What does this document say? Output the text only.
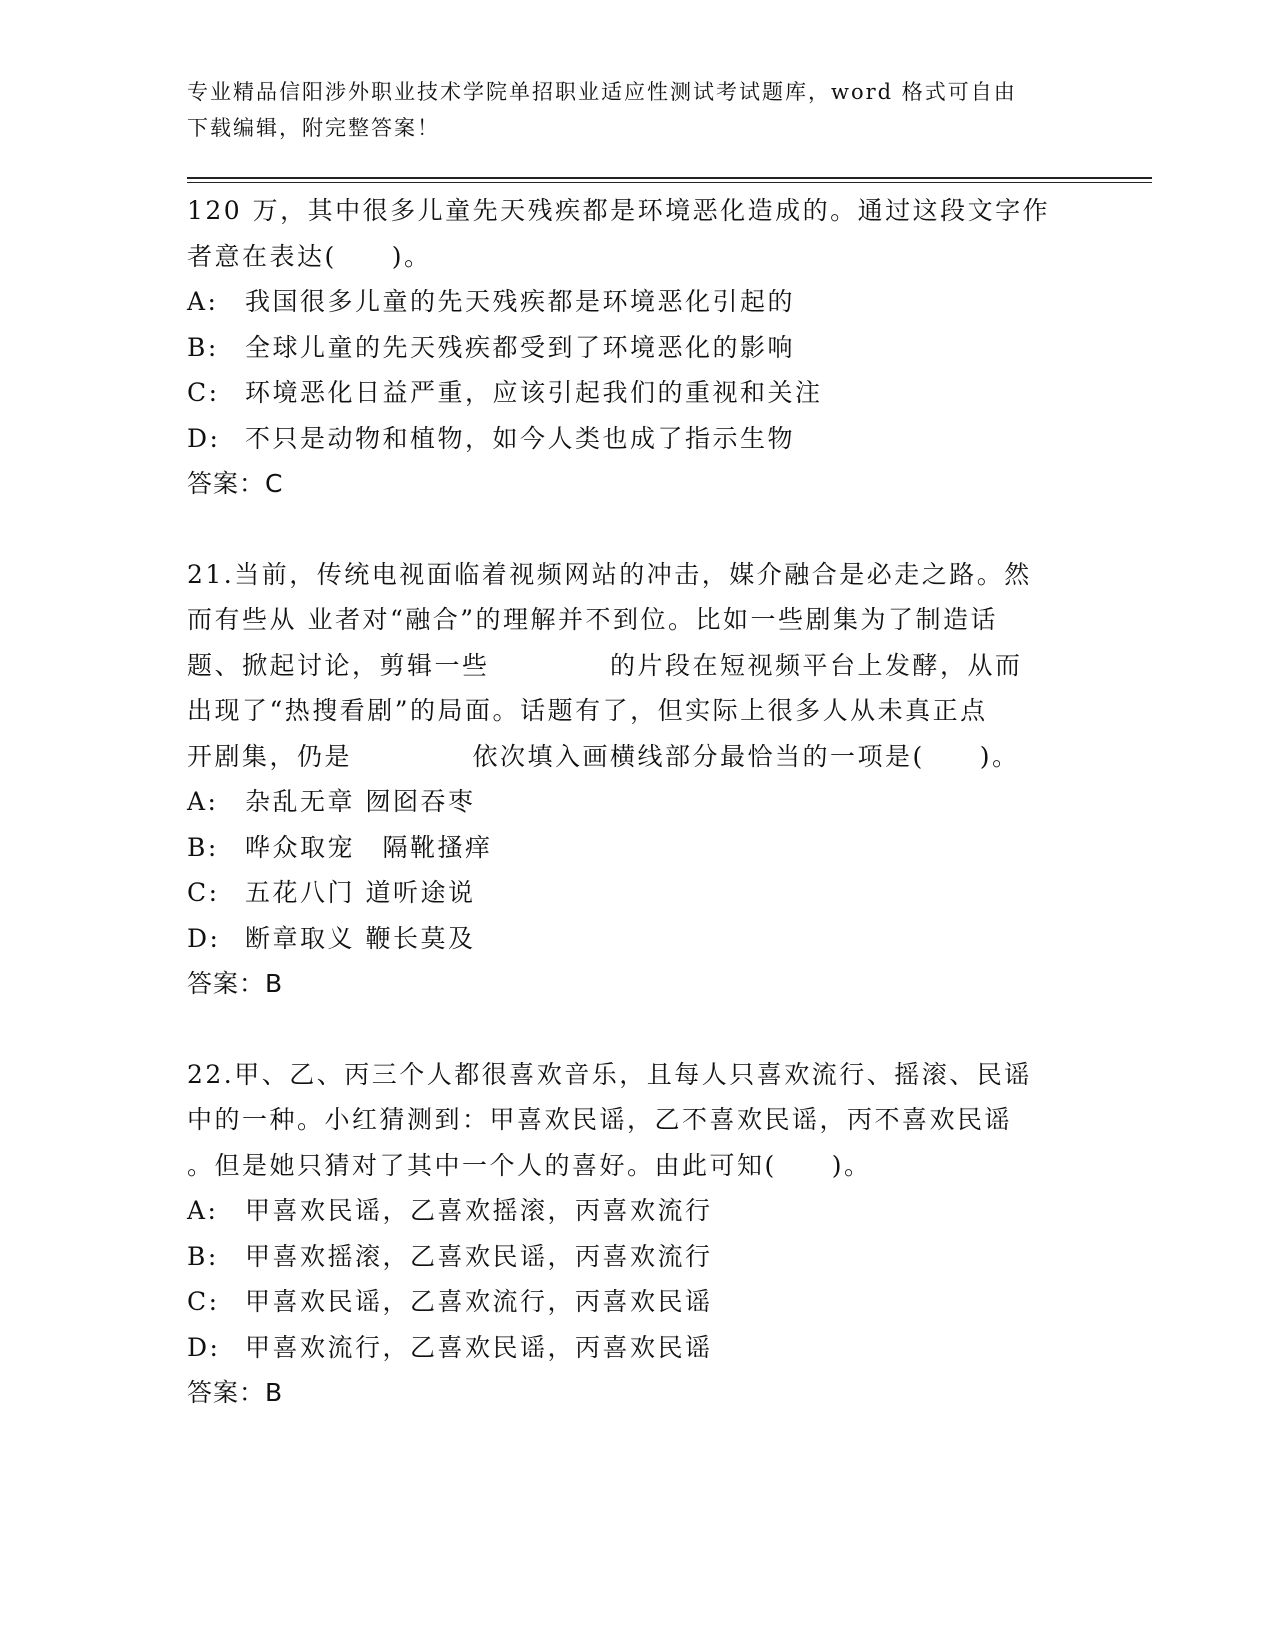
专业精品信阳涉外职业技术学院单招职业适应性测试考试题库，word 格式可自由
下载编辑，附完整答案！
120 万，其中很多儿童先天残疾都是环境恶化造成的。通过这段文字作
者意在表达(　　)。
A:	我国很多儿童的先天残疾都是环境恶化引起的
B:	全球儿童的先天残疾都受到了环境恶化的影响
C:	环境恶化日益严重，应该引起我们的重视和关注
D: 不只是动物和植物，如今人类也成了指示生物
答案：C
21.当前，传统电视面临着视频网站的冲击，媒介融合是必走之路。然
而有些从 业者对“融合”的理解并不到位。比如一些剧集为了制造话
题、掀起讨论，剪辑一些　　　　 的片段在短视频平台上发酵，从而
出现了“热搜看剧”的局面。话题有了，但实际上很多人从未真正点
开剧集，仍是　　　　 依次填入画横线部分最恰当的一项是(　　)。
A:	杂乱无章 囫囵吞枣
B:	哗众取宠　隔靴搔痒
C:	五花八门 道听途说
D: 断章取义 鞭长莫及
答案：B
22.甲、乙、丙三个人都很喜欢音乐，且每人只喜欢流行、摇滚、民谣
中的一种。小红猜测到：甲喜欢民谣，乙不喜欢民谣，丙不喜欢民谣
。但是她只猜对了其中一个人的喜好。由此可知(　　)。
A:	甲喜欢民谣，乙喜欢摇滚，丙喜欢流行
B:	甲喜欢摇滚，乙喜欢民谣，丙喜欢流行
C:	甲喜欢民谣，乙喜欢流行，丙喜欢民谣
D: 甲喜欢流行，乙喜欢民谣，丙喜欢民谣
答案：B
